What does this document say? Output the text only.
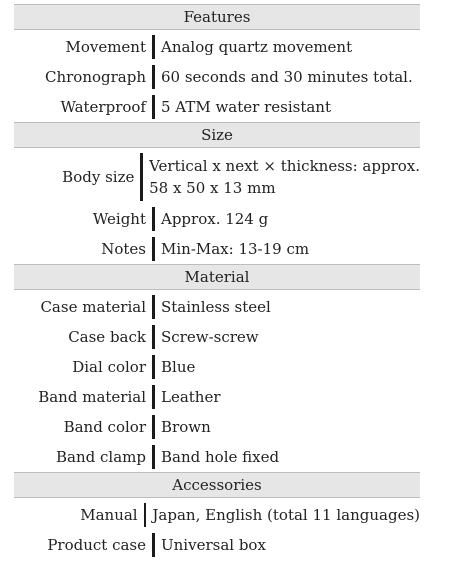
Features
Movement Analog quartz movement
Chronograph 60 seconds and 30 minutes total.
Waterproof 5 ATM water resistant
Size
Body size
Vertical x next × thickness: approx.
58 x 50 x 13 mm
Weight Approx. 124 g
Notes Min-Max: 13-19 cm
Material
Case material Stainless steel
Case back Screw-screw
Dial color Blue
Band material Leather
Band color Brown
Band clamp Band hole fixed
Accessories
Manual Japan, English (total 11 languages)
Product case Universal box
